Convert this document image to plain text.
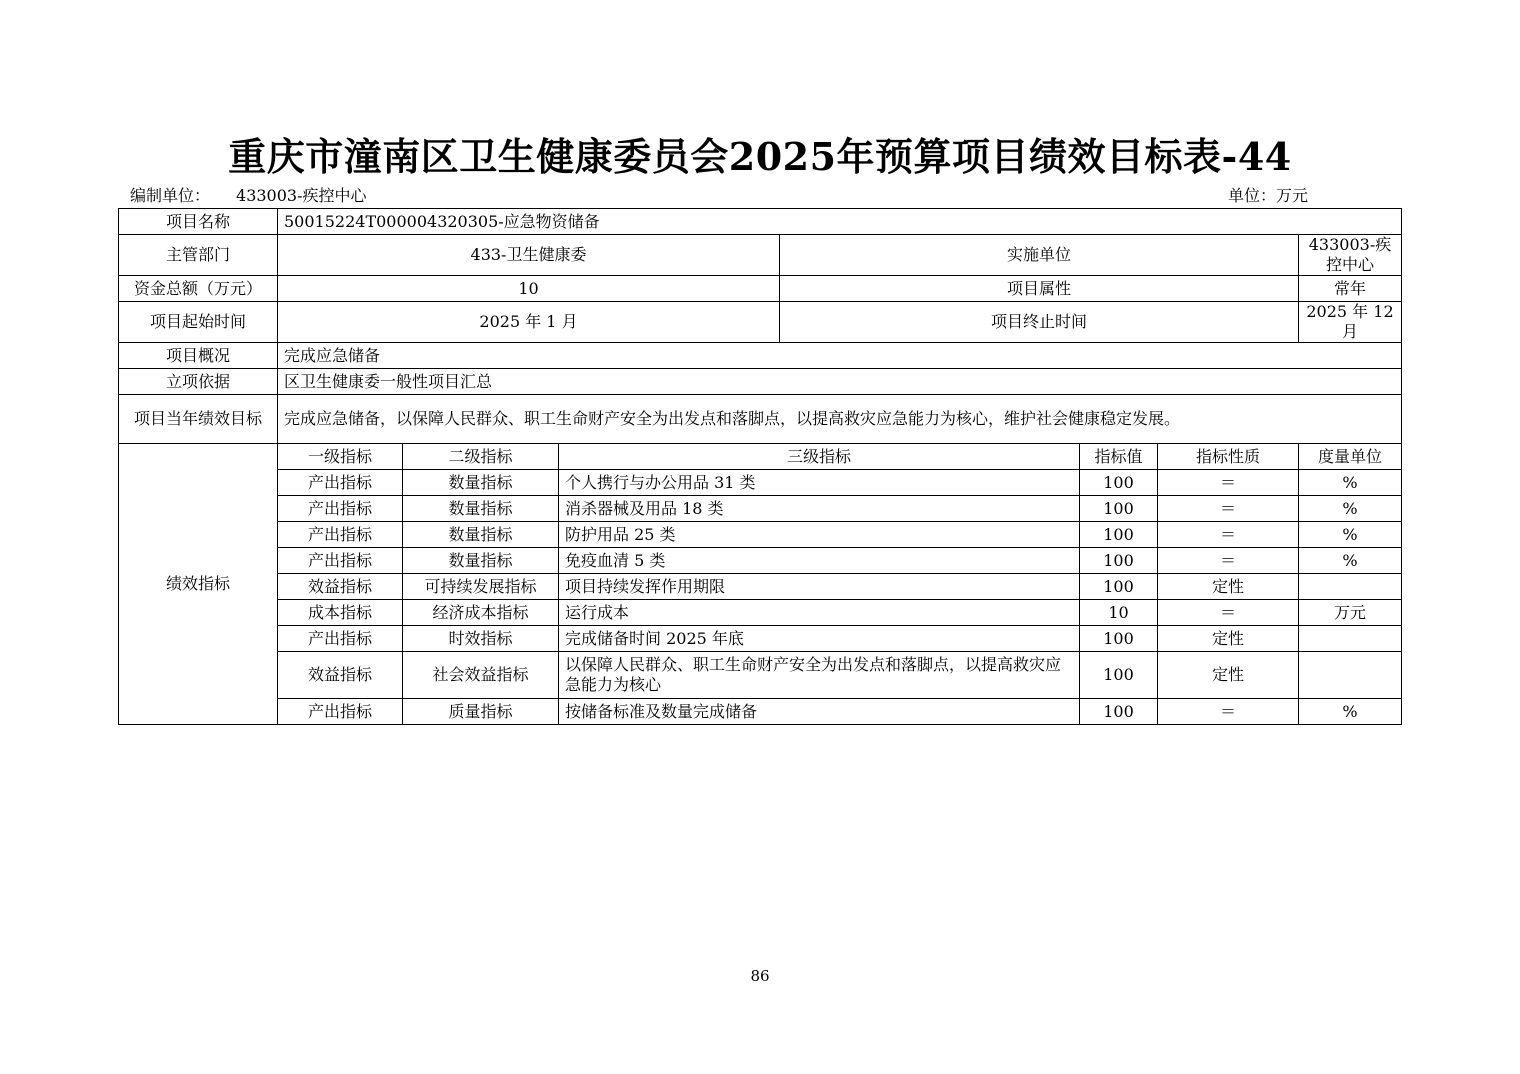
重庆市潼南区卫生健康委员会2025年预算项目绩效目标表-44
编制单位： 433003-疾控中心	单位：万元
项目名称	50015224T000004320305-应急物资储备						
主管部门	433-卫生健康委			实施单位			433003-疾控中心
资金总额（万元）	10			项目属性			常年
项目起始时间	2025 年 1 月			项目终止时间			2025 年 12 月
项目概况	完成应急储备						
立项依据	区卫生健康委一般性项目汇总						
项目当年绩效目标	完成应急储备，以保障人民群众、职工生命财产安全为出发点和落脚点，以提高救灾应急能力为核心，维护社会健康稳定发展。						
绩效指标	一级指标	二级指标	三级指标		指标值	指标性质	度量单位
	产出指标	数量指标	个人携行与办公用品 31 类		100	＝	%
	产出指标	数量指标	消杀器械及用品 18 类		100	＝	%
	产出指标	数量指标	防护用品 25 类		100	＝	%
	产出指标	数量指标	免疫血清 5 类		100	＝	%
	效益指标	可持续发展指标	项目持续发挥作用期限		100	定性	
	成本指标	经济成本指标	运行成本		10	＝	万元
	产出指标	时效指标	完成储备时间 2025 年底		100	定性	
	效益指标	社会效益指标	以保障人民群众、职工生命财产安全为出发点和落脚点，以提高救灾应急能力为核心		100	定性	
	产出指标	质量指标	按储备标准及数量完成储备		100	＝	%
86
